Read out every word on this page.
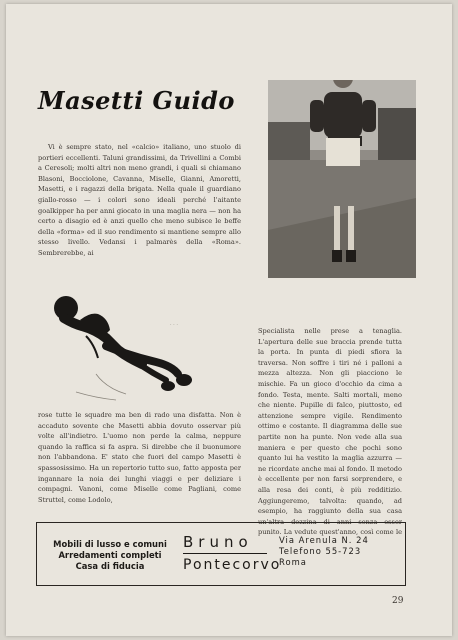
Masetti Guido

Vi è sempre stato, nel «calcio» italiano, uno stuolo di portieri eccellenti. Taluni grandissimi, da Trivellini a Combi a Ceresoli; molti altri non meno grandi, i quali si chiamano Blasoni, Bocciolone, Cavanna, Miselle, Gianni, Amoretti, Masetti, e i ragazzi della brigata. Nella quale il guardiano giallo-rosso — i colori sono ideali perché l'aitante goalkipper ha per anni giocato in una maglia nera — non ha certo a disagio ed è anzi quello che meno subisce le beffe della «forma» ed il suo rendimento si mantiene sempre allo stesso livello. Vedansi i palmarès della «Roma». Sembrerebbe, ai

· · ·

rose tutte le squadre ma ben di rado una disfatta. Non è accaduto sovente che Masetti abbia dovuto osservar più volte all'indietro. L'uomo non perde la calma, neppure quando la raffica si fa aspra. Si direbbe che il buonumore non l'abbandona. E' stato che fuori del campo Masetti è spassosissimo. Ha un repertorio tutto suo, fatto apposta per ingannare la noia dei lunghi viaggi e per deliziare i compagni. Vanoni, come Miselle come Pagliani, come Struttel, come Lodolo,

Specialista nelle prese a tenaglia. L'apertura delle sue braccia prende tutta la porta. In punta di piedi sfiora la traversa. Non soffre i tiri né i palloni a mezza altezza. Non gli piacciono le mischie. Fa un gioco d'occhio da cima a fondo. Testa, mente. Salti mortali, meno che niente. Pupille di falco, piuttosto, ed attenzione sempre vigile. Rendimento ottimo e costante. Il diagramma delle sue partite non ha punte. Non vede alla sua maniera e per questo che pochi sono quanto lui ha vestito la maglia azzurra — ne ricordate anche mai al fondo. Il metodo è eccellente per non farsi sorprendere, e alla resa dei conti, è più redditizio. Aggiungeremo, talvolta: quando, ad esempio, ha raggiunto della sua casa un'altra dozzina di anni senza esser punito. La vedute quest'anno, così come le

Mobili di lusso e comuni
Arredamenti completi
Casa di fiducia
Bruno
Pontecorvo
Via Arenula N. 24
Telefono 55-723
Roma
29
